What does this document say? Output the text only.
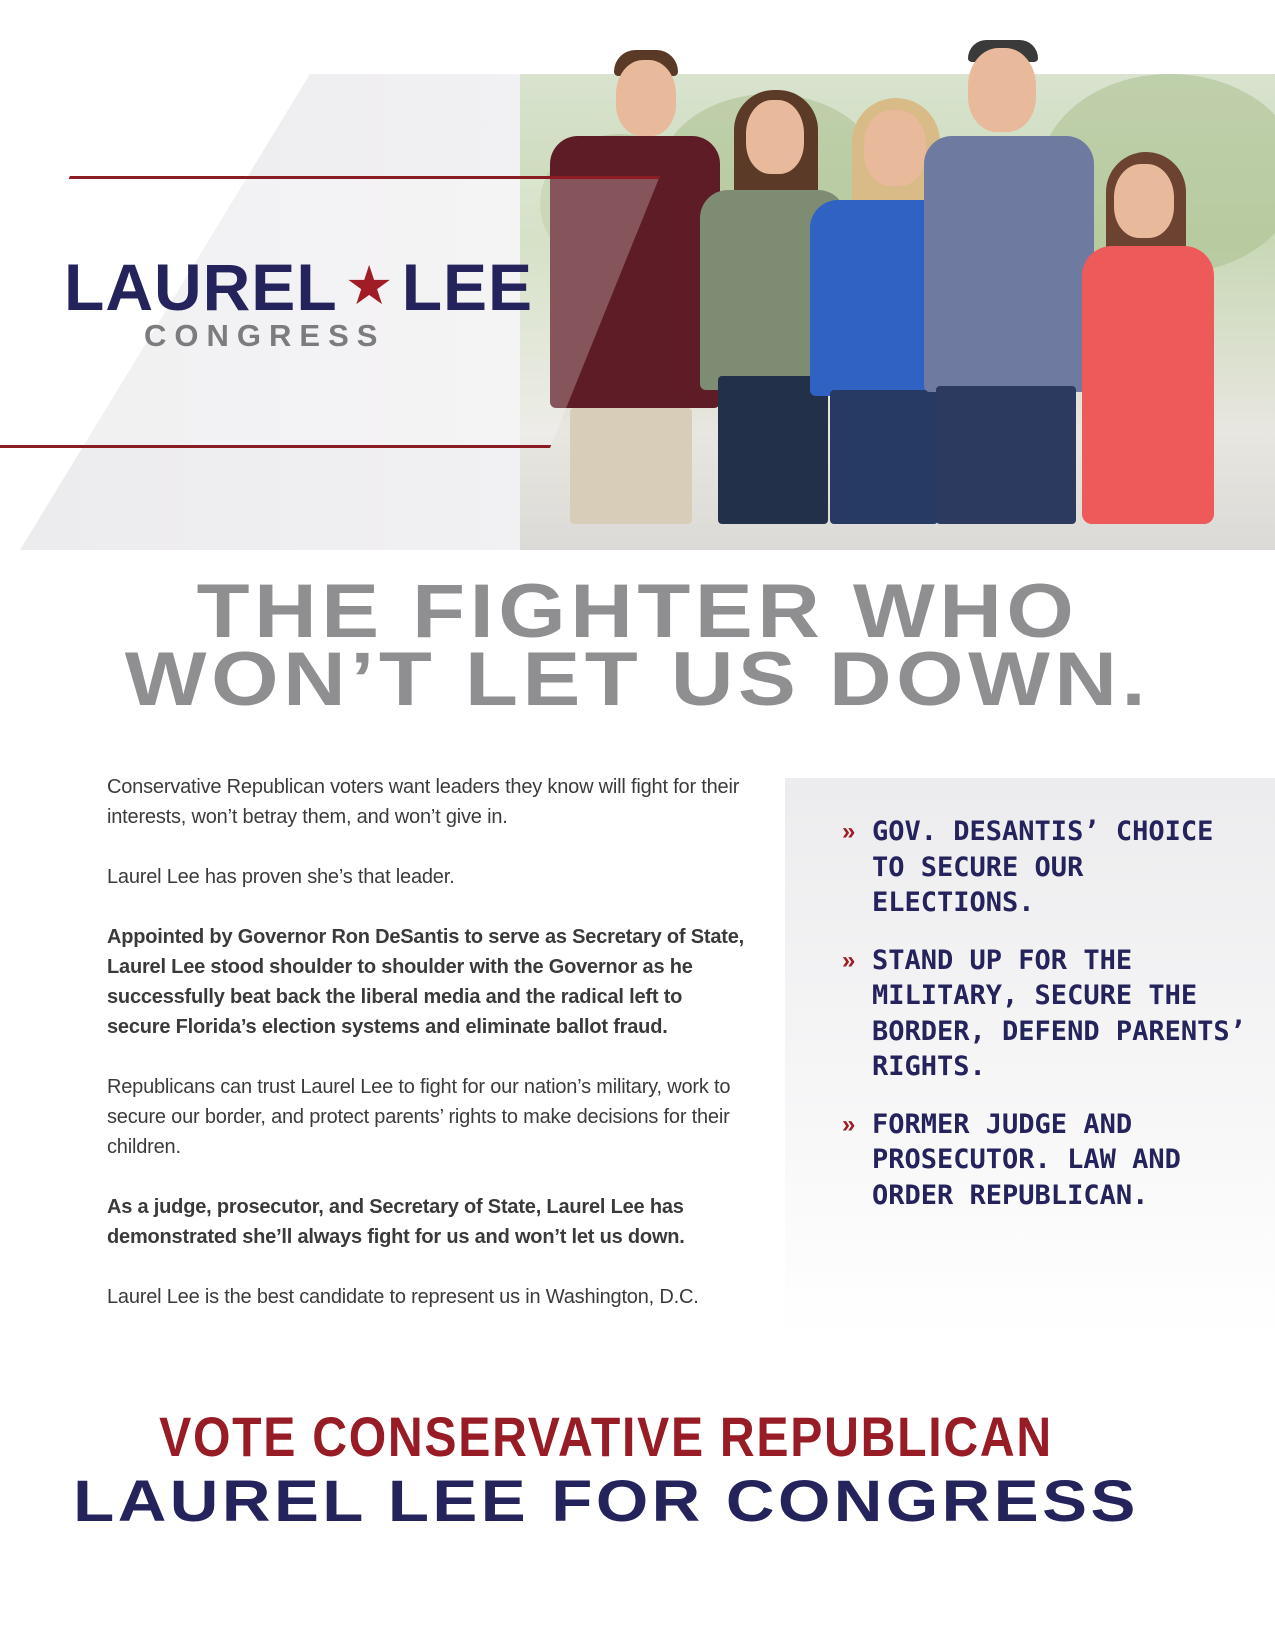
LAUREL ★ LEE
CONGRESS
THE FIGHTER WHO
WON’T LET US DOWN.

Conservative Republican voters want leaders they know will fight for their interests, won’t betray them, and won’t give in.

Laurel Lee has proven she’s that leader.

Appointed by Governor Ron DeSantis to serve as Secretary of State, Laurel Lee stood shoulder to shoulder with the Governor as he successfully beat back the liberal media and the radical left to secure Florida’s election systems and eliminate ballot fraud.

Republicans can trust Laurel Lee to fight for our nation’s military, work to secure our border, and protect parents’ rights to make decisions for their children.

As a judge, prosecutor, and Secretary of State, Laurel Lee has demonstrated she’ll always fight for us and won’t let us down.

Laurel Lee is the best candidate to represent us in Washington, D.C.

» GOV. DESANTIS’ CHOICE TO SECURE OUR ELECTIONS.
» STAND UP FOR THE MILITARY, SECURE THE BORDER, DEFEND PARENTS’ RIGHTS.
» FORMER JUDGE AND PROSECUTOR. LAW AND ORDER REPUBLICAN.
VOTE CONSERVATIVE REPUBLICAN
LAUREL LEE FOR CONGRESS
